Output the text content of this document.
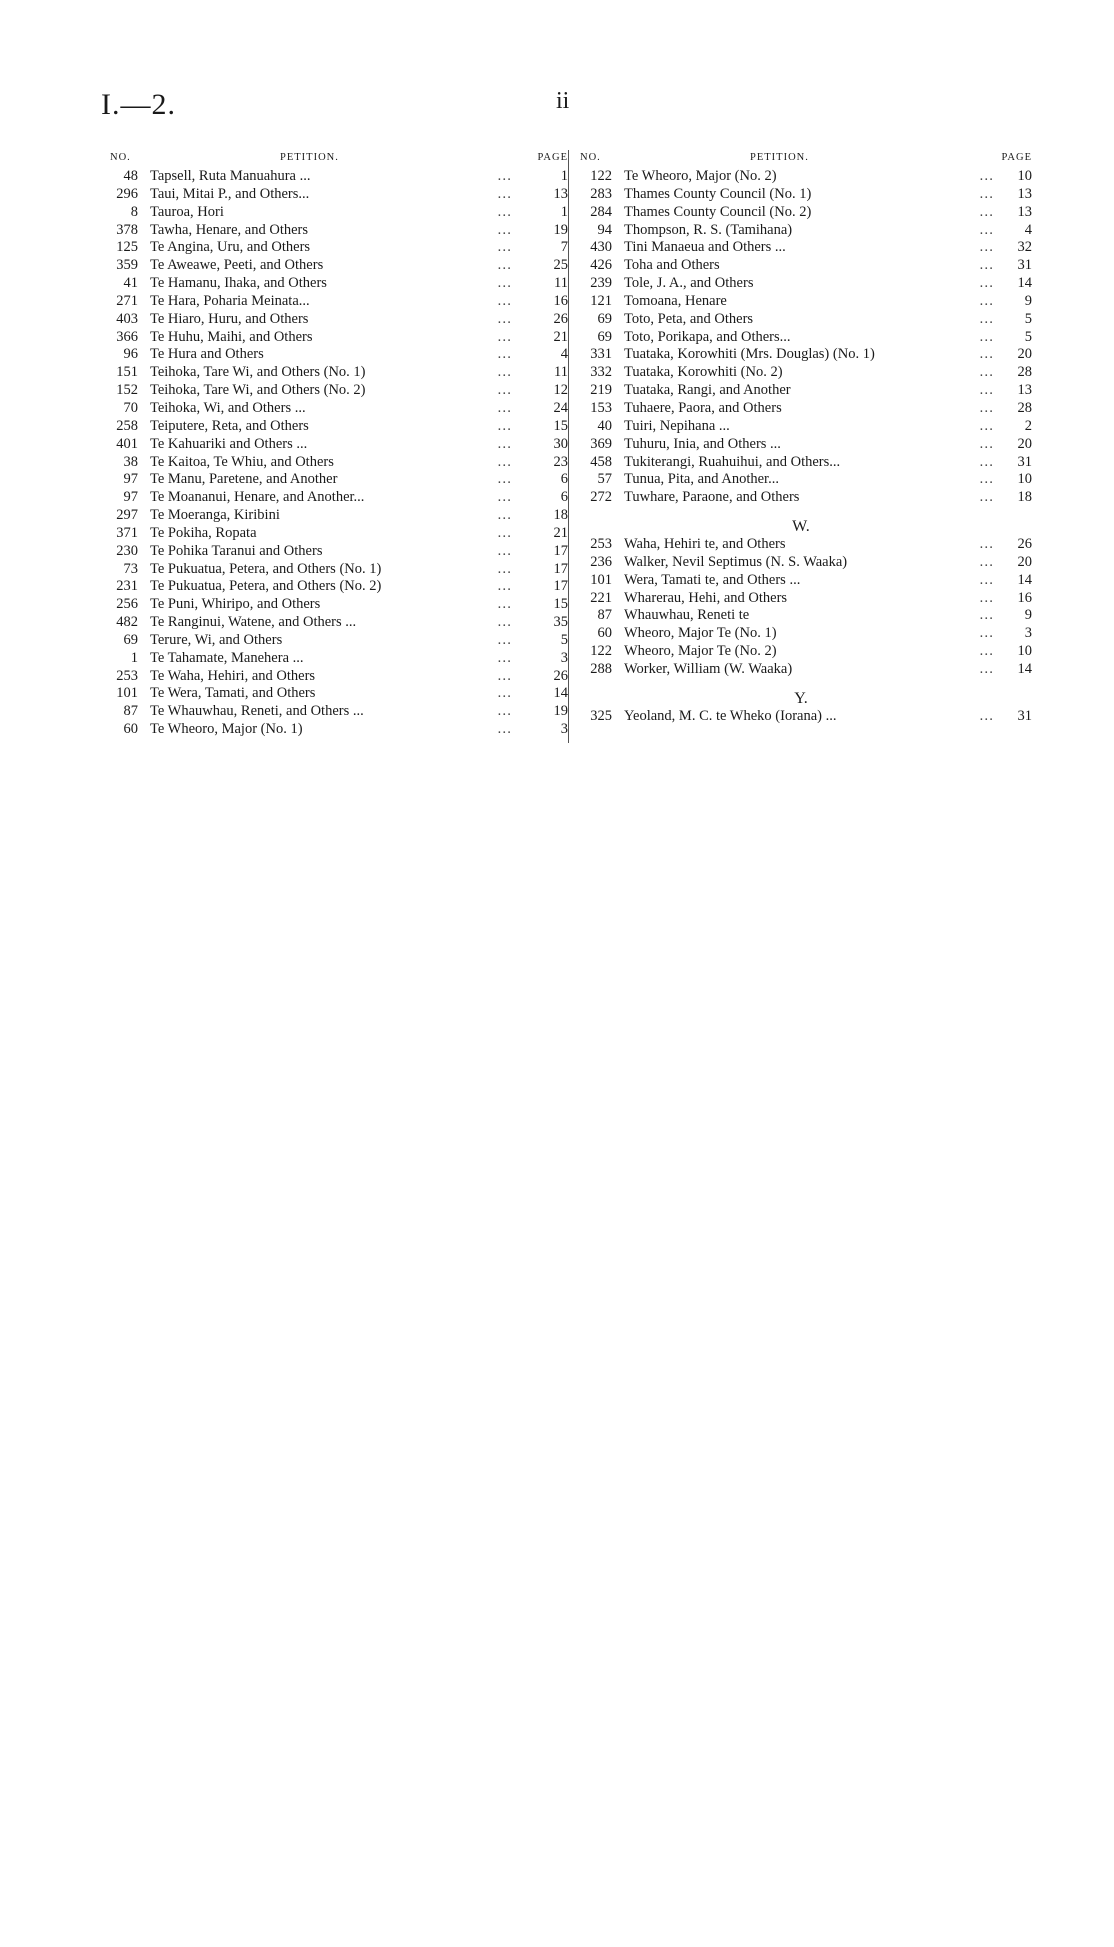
I.—2.	ii
NO.	PETITION.	PAGE
48 Tapsell, Ruta Manuahura ...	…	1
296 Taui, Mitai P., and Others...	…	13
8 Tauroa, Hori	…	1
378 Tawha, Henare, and Others	…	19
125 Te Angina, Uru, and Others	…	7
359 Te Aweawe, Peeti, and Others	…	25
41 Te Hamanu, Ihaka, and Others	…	11
271 Te Hara, Poharia Meinata...	…	16
403 Te Hiaro, Huru, and Others	…	26
366 Te Huhu, Maihi, and Others	…	21
96 Te Hura and Others	…	4
151 Teihoka, Tare Wi, and Others (No. 1)	…	11
152 Teihoka, Tare Wi, and Others (No. 2)	…	12
70 Teihoka, Wi, and Others ...	…	24
258 Teiputere, Reta, and Others	…	15
401 Te Kahuariki and Others ...	…	30
38 Te Kaitoa, Te Whiu, and Others	…	23
97 Te Manu, Paretene, and Another	…	6
97 Te Moananui, Henare, and Another...	…	6
297 Te Moeranga, Kiribini	…	18
371 Te Pokiha, Ropata	…	21
230 Te Pohika Taranui and Others	…	17
73 Te Pukuatua, Petera, and Others (No. 1)	…	17
231 Te Pukuatua, Petera, and Others (No. 2)	…	17
256 Te Puni, Whiripo, and Others	…	15
482 Te Ranginui, Watene, and Others ...	…	35
69 Terure, Wi, and Others	…	5
1 Te Tahamate, Manehera ...	…	3
253 Te Waha, Hehiri, and Others	…	26
101 Te Wera, Tamati, and Others	…	14
87 Te Whauwhau, Reneti, and Others ...	…	19
60 Te Wheoro, Major (No. 1)	…	3
NO.	PETITION.	PAGE
122 Te Wheoro, Major (No. 2)	…	10
283 Thames County Council (No. 1)	…	13
284 Thames County Council (No. 2)	…	13
94 Thompson, R. S. (Tamihana)	…	4
430 Tini Manaeua and Others ...	…	32
426 Toha and Others	…	31
239 Tole, J. A., and Others	…	14
121 Tomoana, Henare	…	9
69 Toto, Peta, and Others	…	5
69 Toto, Porikapa, and Others...	…	5
331 Tuataka, Korowhiti (Mrs. Douglas) (No. 1)	…	20
332 Tuataka, Korowhiti (No. 2)	…	28
219 Tuataka, Rangi, and Another	…	13
153 Tuhaere, Paora, and Others	…	28
40 Tuiri, Nepihana ...	…	2
369 Tuhuru, Inia, and Others ...	…	20
458 Tukiterangi, Ruahuihui, and Others...	…	31
57 Tunua, Pita, and Another...	…	10
272 Tuwhare, Paraone, and Others	…	18
W.
253 Waha, Hehiri te, and Others	…	26
236 Walker, Nevil Septimus (N. S. Waaka)	…	20
101 Wera, Tamati te, and Others ...	…	14
221 Wharerau, Hehi, and Others	…	16
87 Whauwhau, Reneti te	…	9
60 Wheoro, Major Te (No. 1)	…	3
122 Wheoro, Major Te (No. 2)	…	10
288 Worker, William (W. Waaka)	…	14
Y.
325 Yeoland, M. C. te Wheko (Iorana) ...	…	31
